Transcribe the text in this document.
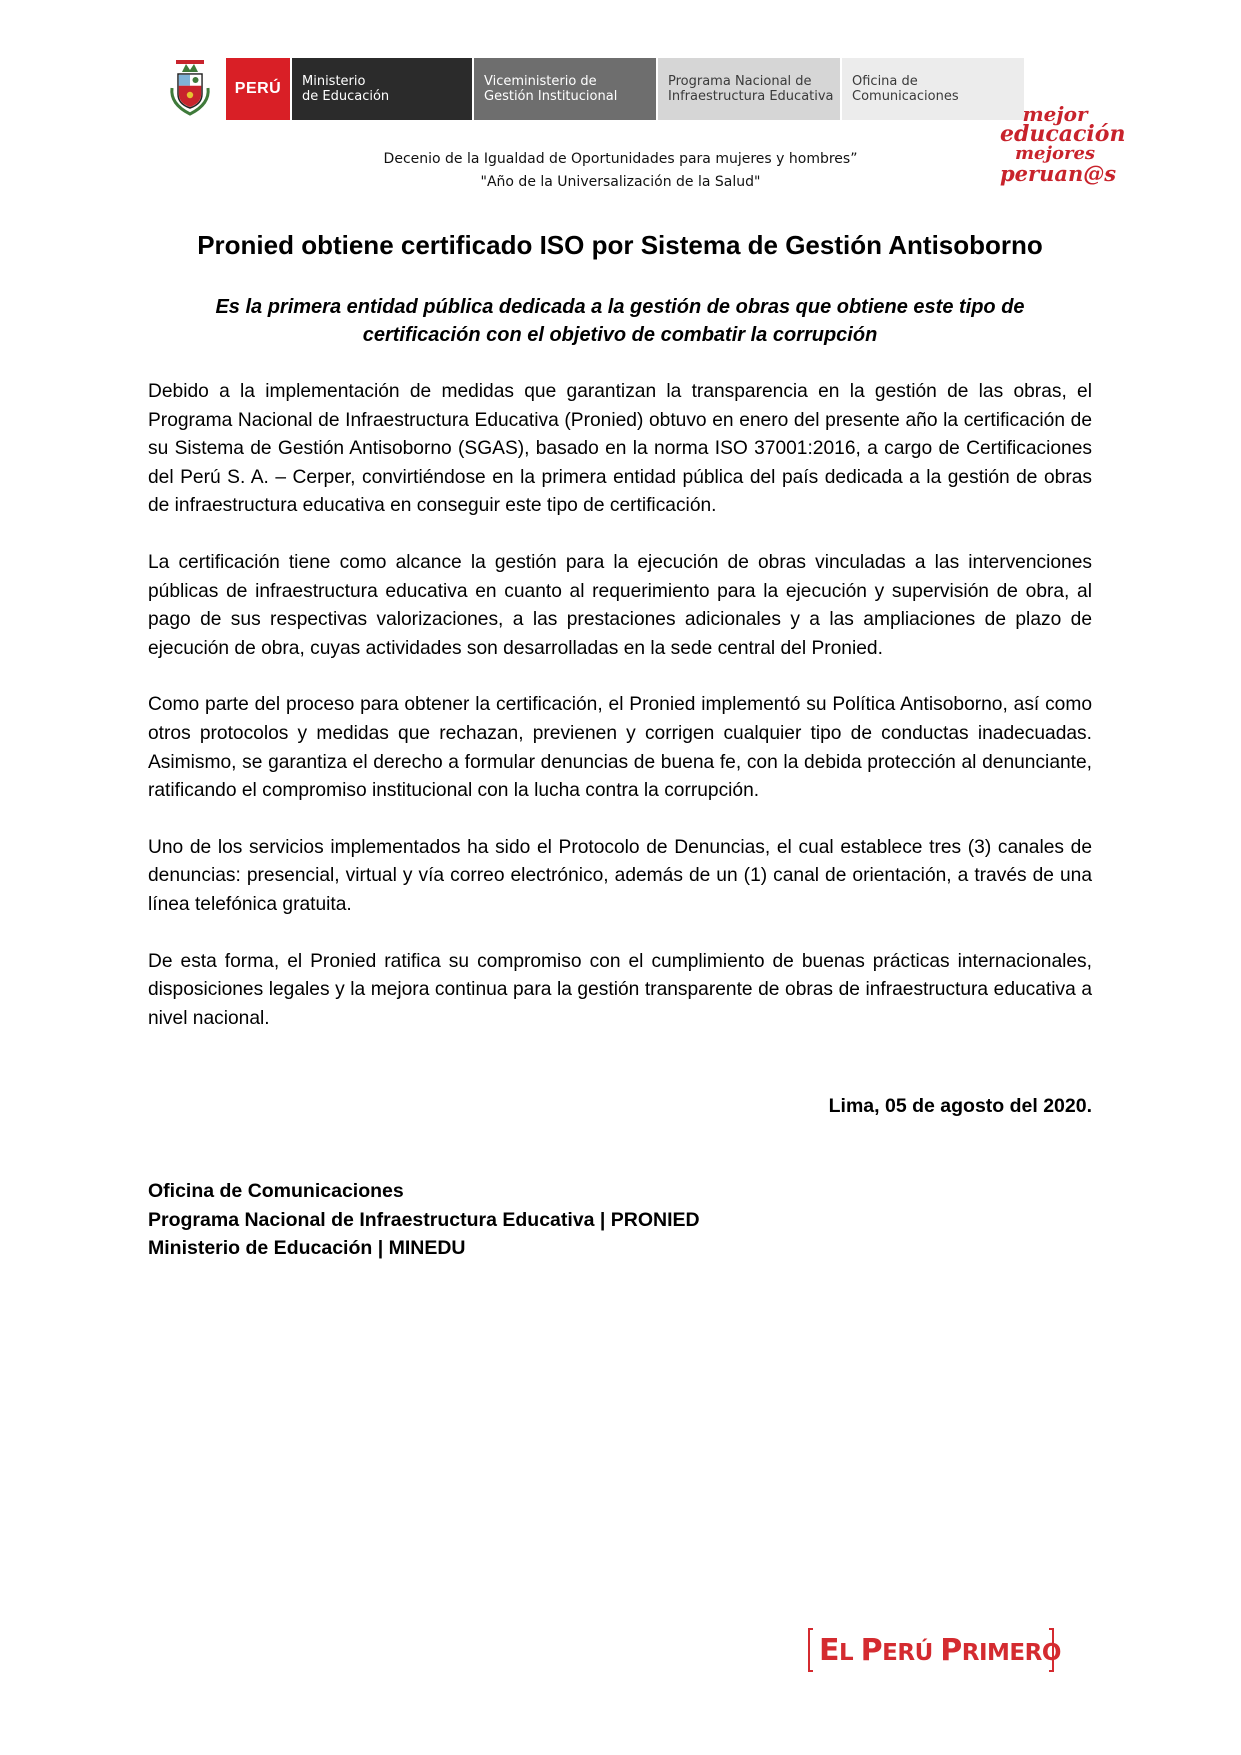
PERÚ Ministerio
de Educación
Viceministerio de
Gestión Institucional
Programa Nacional de
Infraestructura Educativa
Oficina de
Comunicaciones
mejor
educación
mejores
peruan@s
Decenio de la Igualdad de Oportunidades para mujeres y hombres”
"Año de la Universalización de la Salud"
Pronied obtiene certificado ISO por Sistema de Gestión Antisoborno
Es la primera entidad pública dedicada a la gestión de obras que obtiene este tipo de certificación con el objetivo de combatir la corrupción

Debido a la implementación de medidas que garantizan la transparencia en la gestión de las obras, el Programa Nacional de Infraestructura Educativa (Pronied) obtuvo en enero del presente año la certificación de su Sistema de Gestión Antisoborno (SGAS), basado en la norma ISO 37001:2016, a cargo de Certificaciones del Perú S. A. – Cerper, convirtiéndose en la primera entidad pública del país dedicada a la gestión de obras de infraestructura educativa en conseguir este tipo de certificación.

La certificación tiene como alcance la gestión para la ejecución de obras vinculadas a las intervenciones públicas de infraestructura educativa en cuanto al requerimiento para la ejecución y supervisión de obra, al pago de sus respectivas valorizaciones, a las prestaciones adicionales y a las ampliaciones de plazo de ejecución de obra, cuyas actividades son desarrolladas en la sede central del Pronied.

Como parte del proceso para obtener la certificación, el Pronied implementó su Política Antisoborno, así como otros protocolos y medidas que rechazan, previenen y corrigen cualquier tipo de conductas inadecuadas. Asimismo, se garantiza el derecho a formular denuncias de buena fe, con la debida protección al denunciante, ratificando el compromiso institucional con la lucha contra la corrupción.

Uno de los servicios implementados ha sido el Protocolo de Denuncias, el cual establece tres (3) canales de denuncias: presencial, virtual y vía correo electrónico, además de un (1) canal de orientación, a través de una línea telefónica gratuita.

De esta forma, el Pronied ratifica su compromiso con el cumplimiento de buenas prácticas internacionales, disposiciones legales y la mejora continua para la gestión transparente de obras de infraestructura educativa a nivel nacional.

Lima, 05 de agosto del 2020.
Oficina de Comunicaciones
Programa Nacional de Infraestructura Educativa | PRONIED
Ministerio de Educación | MINEDU
EL PERÚ PRIMERO
